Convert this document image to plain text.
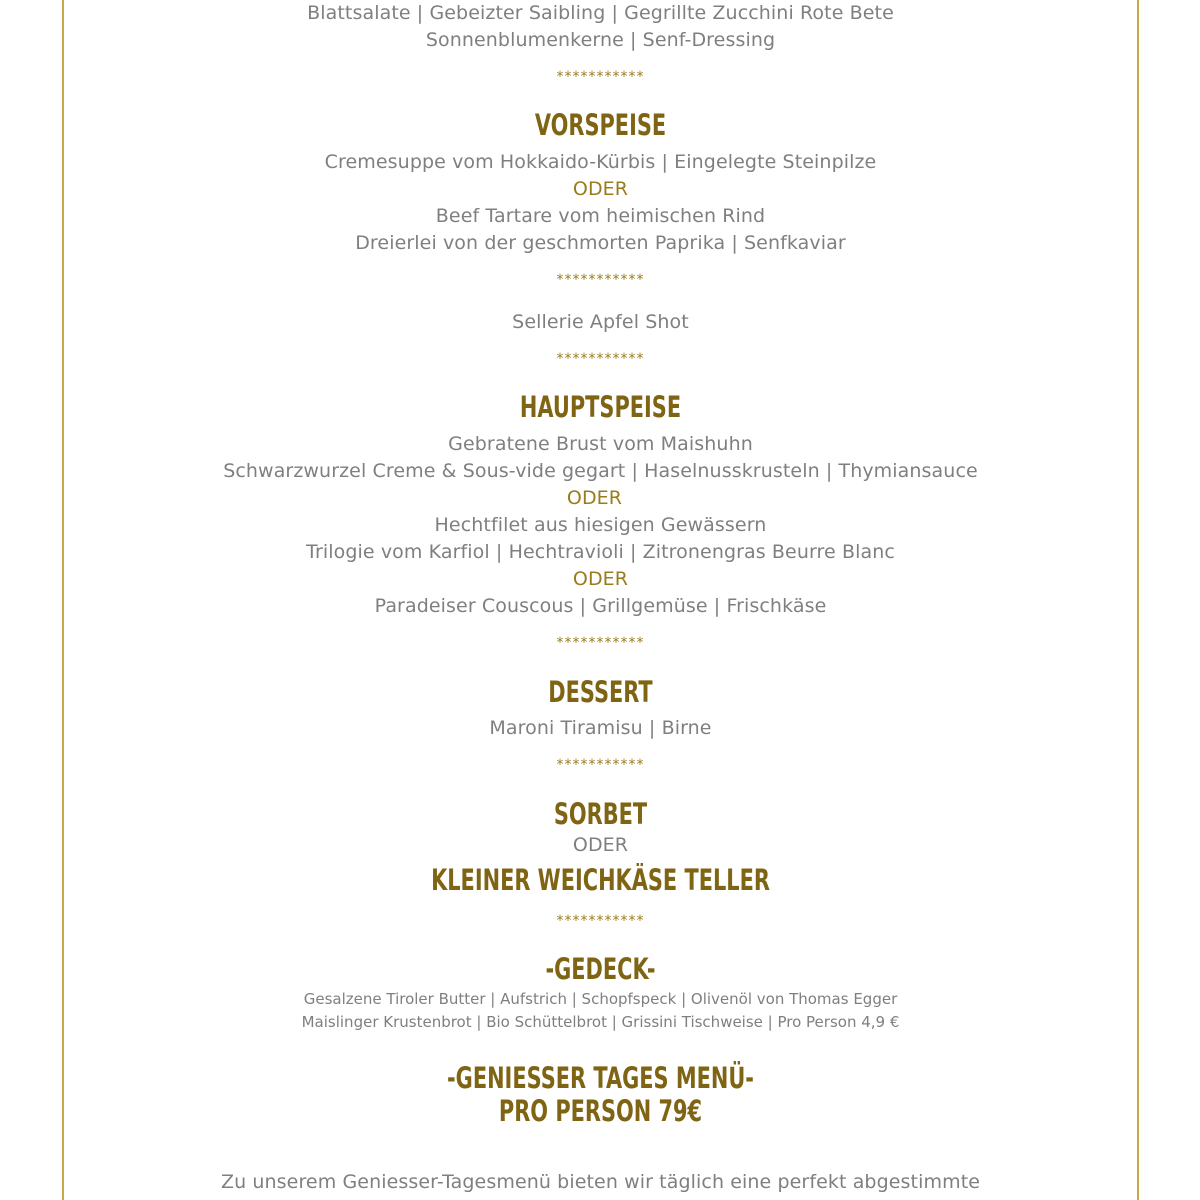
Blattsalate | Gebeizter Saibling | Gegrillte Zucchini Rote Bete
Sonnenblumenkerne | Senf-Dressing
***********
VORSPEISE
Cremesuppe vom Hokkaido-Kürbis | Eingelegte Steinpilze
ODER
Beef Tartare vom heimischen Rind
Dreierlei von der geschmorten Paprika | Senfkaviar
***********
Sellerie Apfel Shot
***********
HAUPTSPEISE
Gebratene Brust vom Maishuhn
Schwarzwurzel Creme & Sous-vide gegart | Haselnusskrusteln | Thymiansauce
ODER
Hechtfilet aus hiesigen Gewässern
Trilogie vom Karfiol | Hechtravioli | Zitronengras Beurre Blanc
ODER
Paradeiser Couscous | Grillgemüse | Frischkäse
***********
DESSERT
Maroni Tiramisu | Birne
***********
SORBET
ODER
KLEINER WEICHKÄSE TELLER
***********
-GEDECK-
Gesalzene Tiroler Butter | Aufstrich | Schopfspeck | Olivenöl von Thomas Egger
Maislinger Krustenbrot | Bio Schüttelbrot | Grissini Tischweise | Pro Person 4,9 €
-GENIESSER TAGES MENÜ-
PRO PERSON 79€
Zu unserem Geniesser-Tagesmenü bieten wir täglich eine perfekt abgestimmte
